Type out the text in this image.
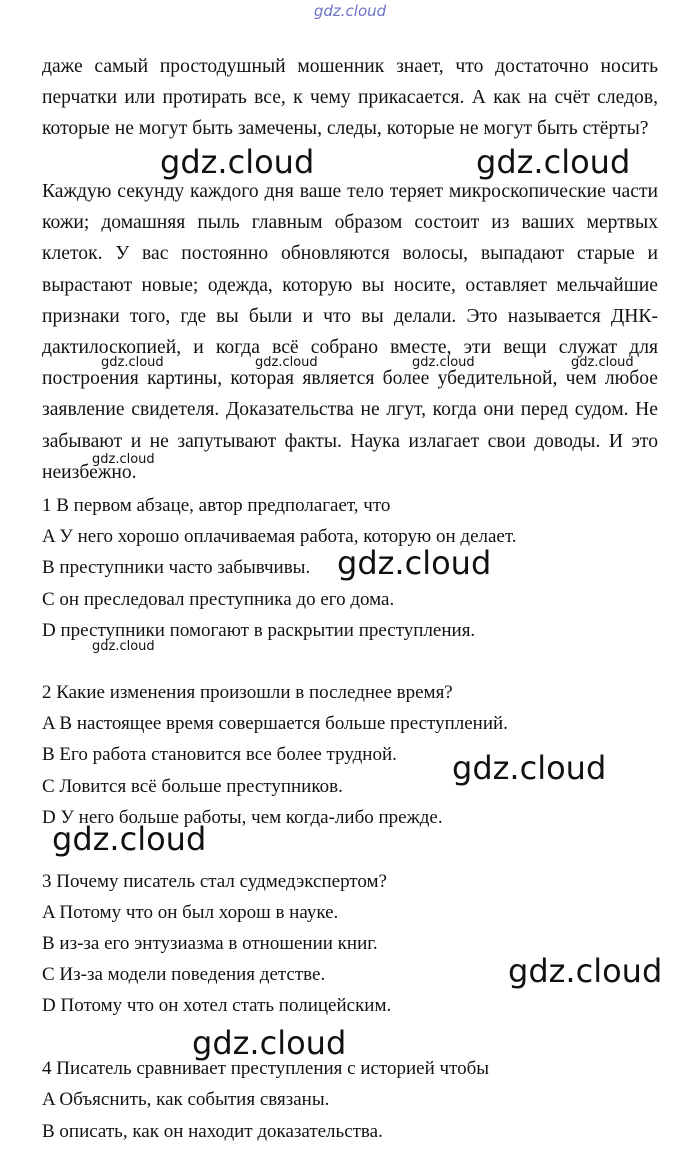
gdz.cloud

даже самый простодушный мошенник знает, что достаточно носить перчатки или протирать все, к чему прикасается. А как на счёт следов, которые не могут быть замечены, следы, которые не могут быть стёрты?

Каждую секунду каждого дня ваше тело теряет микроскопические части кожи; домашняя пыль главным образом состоит из ваших мертвых клеток. У вас постоянно обновляются волосы, выпадают старые и вырастают новые; одежда, которую вы носите, оставляет мельчайшие признаки того, где вы были и что вы делали. Это называется ДНК-дактилоскопией, и когда всё собрано вместе, эти вещи служат для построения картины, которая является более убедительной, чем любое заявление свидетеля. Доказательства не лгут, когда они перед судом. Не забывают и не запутывают факты. Наука излагает свои доводы. И это неизбежно.

1 В первом абзаце, автор предполагает, что
A У него хорошо оплачиваемая работа, которую он делает.
B преступники часто забывчивы.
C он преследовал преступника до его дома.
D преступники помогают в раскрытии преступления.
2 Какие изменения произошли в последнее время?
A В настоящее время совершается больше преступлений.
B Его работа становится все более трудной.
C Ловится всё больше преступников.
D У него больше работы, чем когда-либо прежде.
3 Почему писатель стал судмедэкспертом?
A Потому что он был хорош в науке.
B из-за его энтузиазма в отношении книг.
C Из-за модели поведения детстве.
D Потому что он хотел стать полицейским.
4 Писатель сравнивает преступления с историей чтобы
A Объяснить, как события связаны.
B описать, как он находит доказательства.
gdz.cloud	gdz.cloud
gdz.cloud	gdz.cloud	gdz.cloud	gdz.cloud
gdz.cloud
gdz.cloud
gdz.cloud
gdz.cloud
gdz.cloud
gdz.cloud
gdz.cloud
